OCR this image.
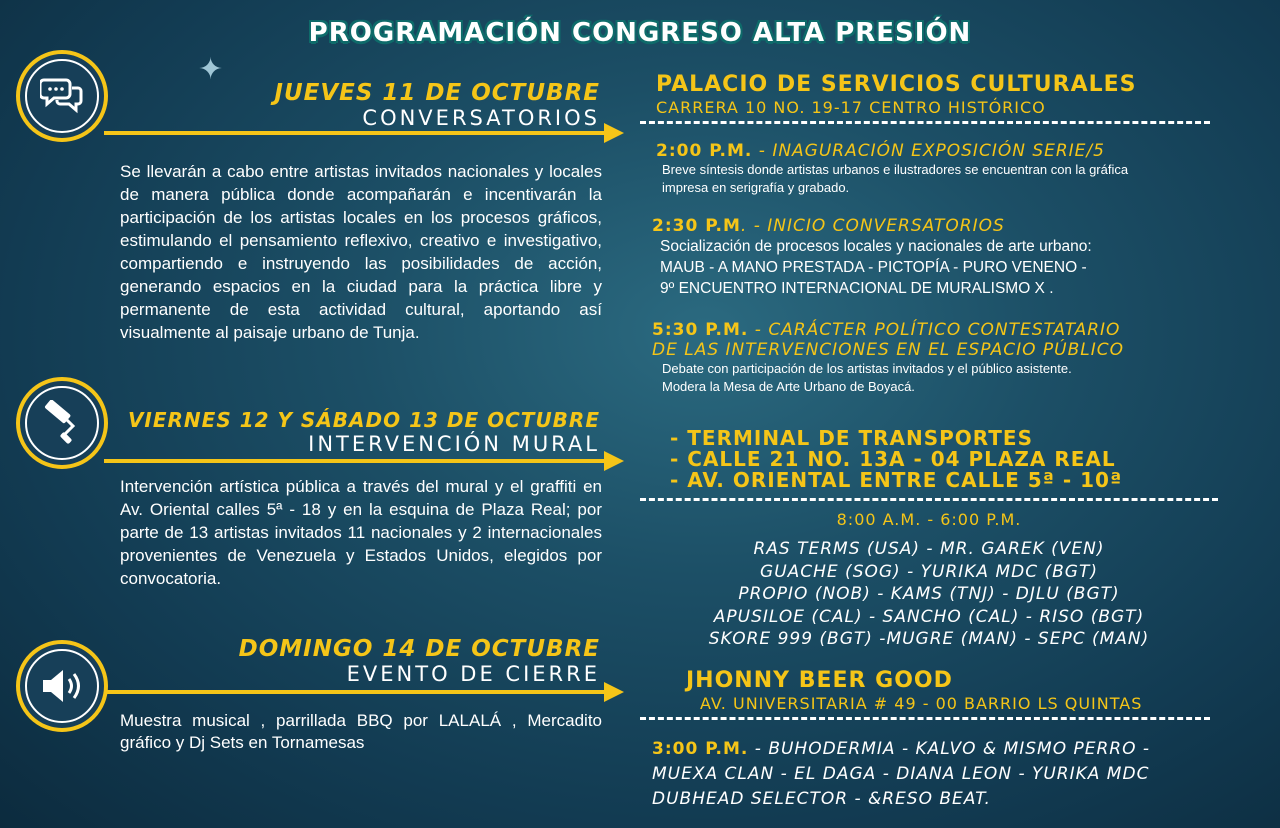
✦
PROGRAMACIÓN CONGRESO ALTA PRESIÓN
JUEVES 11 DE OCTUBRE
CONVERSATORIOS
Se llevarán a cabo entre artistas invitados nacionales y locales de manera pública donde acompañarán e incentivarán la participación de los artistas locales en los procesos gráficos, estimulando el pensamiento reflexivo, creativo e investigativo, compartiendo e instruyendo las posibilidades de acción, generando espacios en la ciudad para la práctica libre y permanente de esta actividad cultural, aportando así visualmente al paisaje urbano de Tunja.
VIERNES 12 Y SÁBADO 13 DE OCTUBRE
INTERVENCIÓN MURAL
Intervención artística pública a través del mural y el graffiti en Av. Oriental calles 5ª - 18 y en la esquina de Plaza Real; por parte de 13 artistas invitados 11 nacionales y 2 internacionales provenientes de Venezuela y Estados Unidos, elegidos por convocatoria.
DOMINGO 14 DE OCTUBRE
EVENTO DE CIERRE
Muestra musical , parrillada BBQ por LALALÁ , Mercadito gráfico y Dj Sets en Tornamesas
PALACIO DE SERVICIOS CULTURALES
CARRERA 10 NO. 19-17 CENTRO HISTÓRICO
2:00 P.M. - INAGURACIÓN EXPOSICIÓN SERIE/5
Breve síntesis donde artistas urbanos e ilustradores se encuentran con la gráfica impresa en serigrafía y grabado.
2:30 P.M. - INICIO CONVERSATORIOS
Socialización de procesos locales y nacionales de arte urbano:
MAUB - A MANO PRESTADA - PICTOPÍA - PURO VENENO -
9º ENCUENTRO INTERNACIONAL DE MURALISMO X .
5:30 P.M. - CARÁCTER POLÍTICO CONTESTATARIO
DE LAS INTERVENCIONES EN EL ESPACIO PÚBLICO
Debate con participación de los artistas invitados y el público asistente.
Modera la Mesa de Arte Urbano de Boyacá.
- TERMINAL DE TRANSPORTES
- CALLE 21 NO. 13A - 04 PLAZA REAL
- AV. ORIENTAL ENTRE CALLE 5ª - 10ª
8:00 A.M. - 6:00 P.M.
RAS TERMS (USA) - MR. GAREK (VEN)
GUACHE (SOG) - YURIKA MDC (BGT)
PROPIO (NOB) - KAMS (TNJ) - DJLU (BGT)
APUSILOE (CAL) - SANCHO (CAL) - RISO (BGT)
SKORE 999 (BGT) -MUGRE (MAN) - SEPC (MAN)
JHONNY BEER GOOD
AV. UNIVERSITARIA # 49 - 00 BARRIO LS QUINTAS
3:00 P.M. - BUHODERMIA - KALVO & MISMO PERRO -
MUEXA CLAN - EL DAGA - DIANA LEON - YURIKA MDC
DUBHEAD SELECTOR - &RESO BEAT.
